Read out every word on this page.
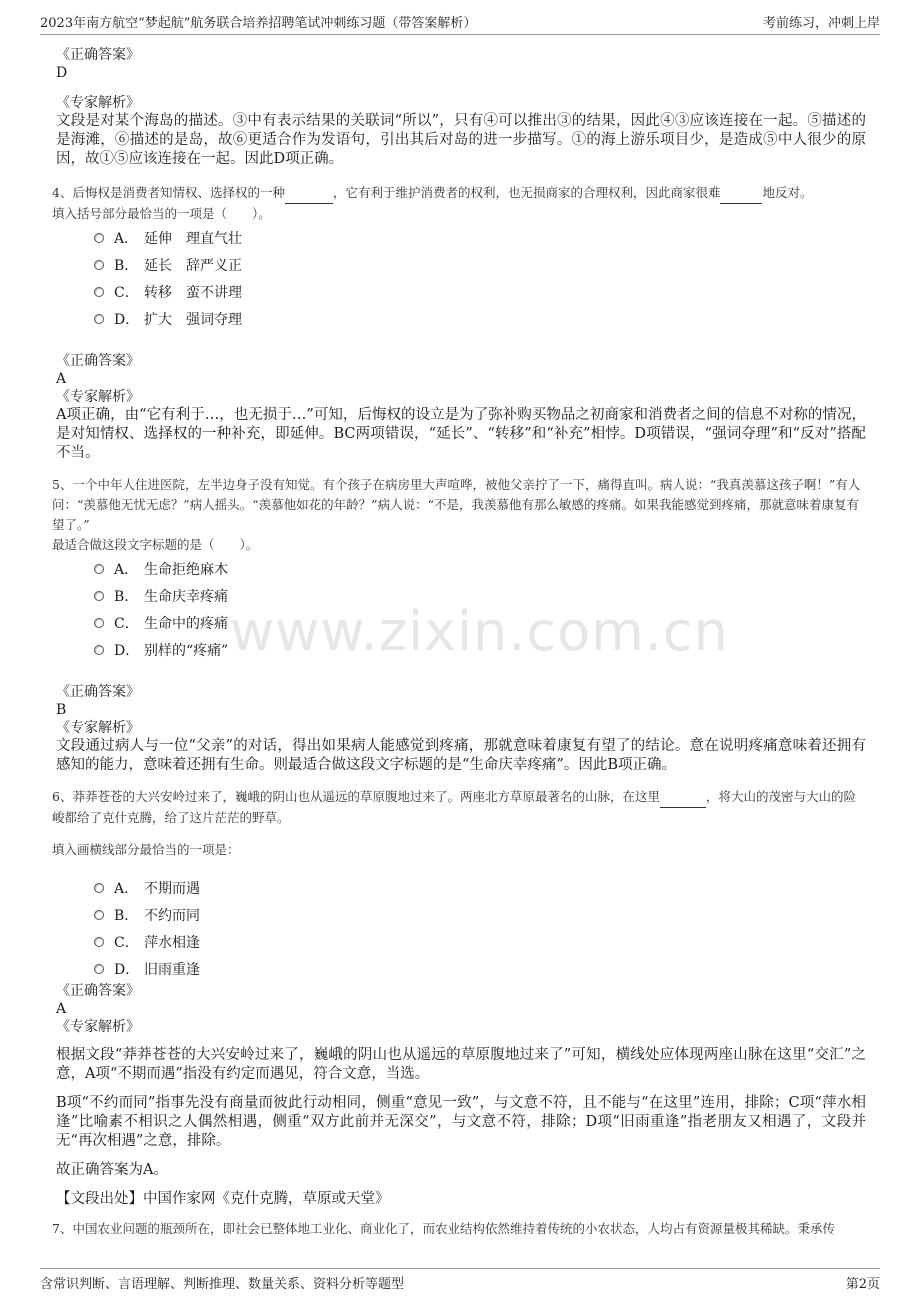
2023年南方航空“梦起航”航务联合培养招聘笔试冲刺练习题（带答案解析）	考前练习，冲刺上岸
www.zixin.com.cn

《正确答案》

D

《专家解析》

文段是对某个海岛的描述。③中有表示结果的关联词“所以”，只有④可以推出③的结果，因此④③应该连接在一起。⑤描述的是海滩，⑥描述的是岛，故⑥更适合作为发语句，引出其后对岛的进一步描写。①的海上游乐项目少，是造成⑤中人很少的原因，故①⑤应该连接在一起。因此D项正确。

4、后悔权是消费者知情权、选择权的一种	，它有利于维护消费者的权利，也无损商家的合理权利，因此商家很难	地反对。

填入括号部分最恰当的一项是（　　）。

A． 延伸　理直气壮
B． 延长　辞严义正
C． 转移　蛮不讲理
D． 扩大　强词夺理

《正确答案》

A

《专家解析》

A项正确，由“它有利于…，也无损于…”可知，后悔权的设立是为了弥补购买物品之初商家和消费者之间的信息不对称的情况，是对知情权、选择权的一种补充，即延伸。BC两项错误，“延长”、“转移”和“补充”相悖。D项错误，“强词夺理”和“反对”搭配不当。

5、一个中年人住进医院，左半边身子没有知觉。有个孩子在病房里大声喧哗，被他父亲拧了一下，痛得直叫。病人说：“我真羡慕这孩子啊！”有人问：“羡慕他无忧无虑？”病人摇头。“羡慕他如花的年龄？”病人说：“不是，我羡慕他有那么敏感的疼痛。如果我能感觉到疼痛，那就意味着康复有望了。”

最适合做这段文字标题的是（　　）。

A． 生命拒绝麻木
B． 生命庆幸疼痛
C． 生命中的疼痛
D． 别样的“疼痛”

《正确答案》

B

《专家解析》

文段通过病人与一位“父亲”的对话，得出如果病人能感觉到疼痛，那就意味着康复有望了的结论。意在说明疼痛意味着还拥有感知的能力，意味着还拥有生命。则最适合做这段文字标题的是“生命庆幸疼痛”。因此B项正确。

6、莽莽苍苍的大兴安岭过来了，巍峨的阴山也从遥远的草原腹地过来了。两座北方草原最著名的山脉，在这里	，将大山的茂密与大山的险峻都给了克什克腾，给了这片茫茫的野草。

填入画横线部分最恰当的一项是：

A． 不期而遇
B． 不约而同
C． 萍水相逢
D． 旧雨重逢

《正确答案》

A

《专家解析》

根据文段“莽莽苍苍的大兴安岭过来了，巍峨的阴山也从遥远的草原腹地过来了”可知，横线处应体现两座山脉在这里“交汇”之意，A项“不期而遇”指没有约定而遇见，符合文意，当选。

B项“不约而同”指事先没有商量而彼此行动相同，侧重“意见一致”，与文意不符，且不能与“在这里”连用，排除；C项“萍水相逢”比喻素不相识之人偶然相遇，侧重“双方此前并无深交”，与文意不符，排除；D项“旧雨重逢”指老朋友又相遇了，文段并无“再次相遇”之意，排除。

故正确答案为A。

【文段出处】中国作家网《克什克腾，草原或天堂》

7、中国农业问题的瓶颈所在，即社会已整体地工业化、商业化了，而农业结构依然维持着传统的小农状态，人均占有资源量极其稀缺。秉承传

含常识判断、言语理解、判断推理、数量关系、资料分析等题型	第2页
